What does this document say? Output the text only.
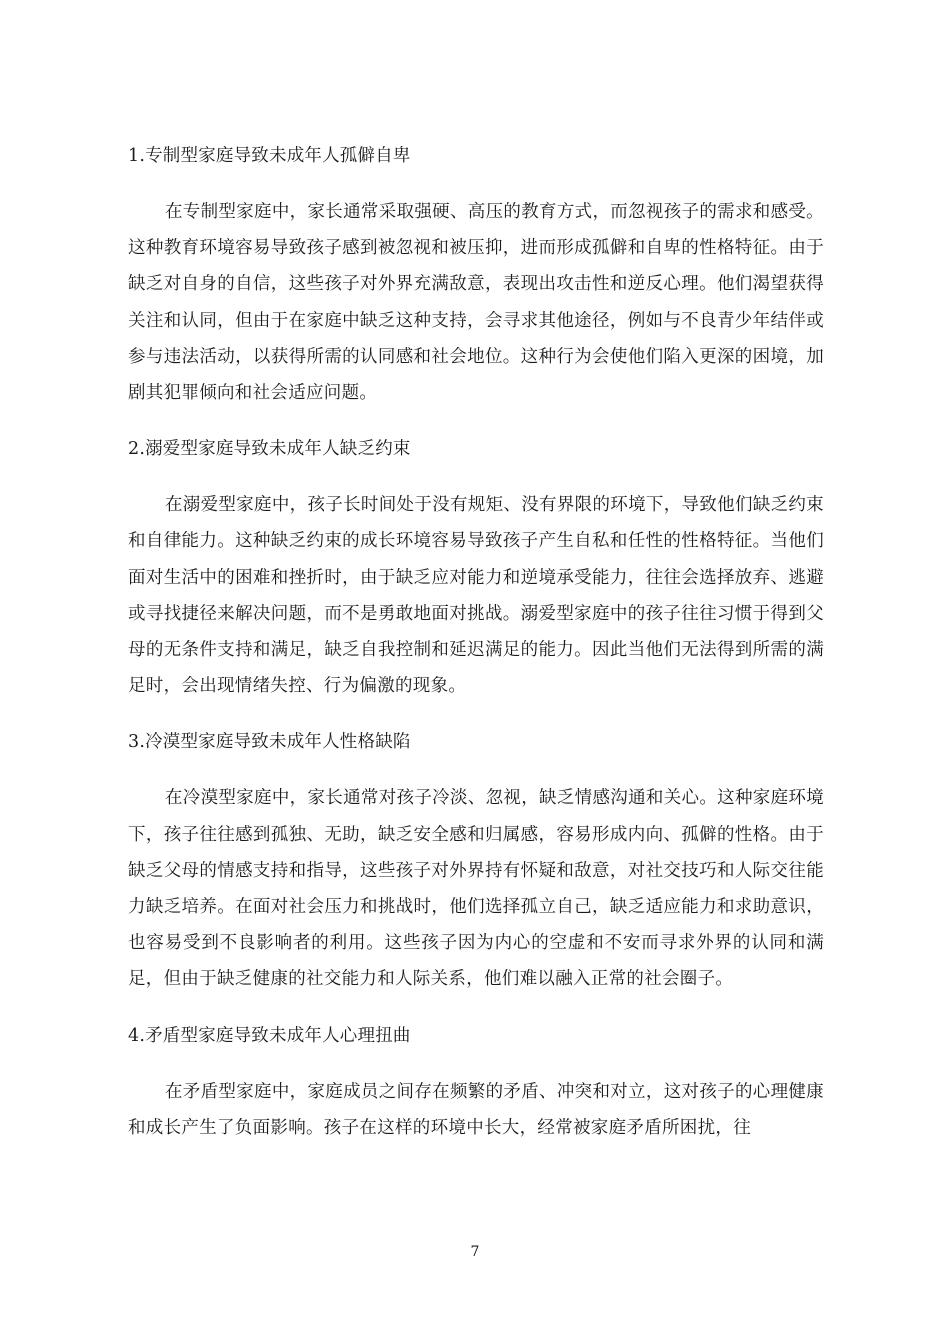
1.专制型家庭导致未成年人孤僻自卑
在专制型家庭中，家长通常采取强硬、高压的教育方式，而忽视孩子的需求和感受。这种教育环境容易导致孩子感到被忽视和被压抑，进而形成孤僻和自卑的性格特征。由于缺乏对自身的自信，这些孩子对外界充满敌意，表现出攻击性和逆反心理。他们渴望获得关注和认同，但由于在家庭中缺乏这种支持，会寻求其他途径，例如与不良青少年结伴或参与违法活动，以获得所需的认同感和社会地位。这种行为会使他们陷入更深的困境，加剧其犯罪倾向和社会适应问题。
2.溺爱型家庭导致未成年人缺乏约束
在溺爱型家庭中，孩子长时间处于没有规矩、没有界限的环境下，导致他们缺乏约束和自律能力。这种缺乏约束的成长环境容易导致孩子产生自私和任性的性格特征。当他们面对生活中的困难和挫折时，由于缺乏应对能力和逆境承受能力，往往会选择放弃、逃避或寻找捷径来解决问题，而不是勇敢地面对挑战。溺爱型家庭中的孩子往往习惯于得到父母的无条件支持和满足，缺乏自我控制和延迟满足的能力。因此当他们无法得到所需的满足时，会出现情绪失控、行为偏激的现象。
3.冷漠型家庭导致未成年人性格缺陷
在冷漠型家庭中，家长通常对孩子冷淡、忽视，缺乏情感沟通和关心。这种家庭环境下，孩子往往感到孤独、无助，缺乏安全感和归属感，容易形成内向、孤僻的性格。由于缺乏父母的情感支持和指导，这些孩子对外界持有怀疑和敌意，对社交技巧和人际交往能力缺乏培养。在面对社会压力和挑战时，他们选择孤立自己，缺乏适应能力和求助意识，也容易受到不良影响者的利用。这些孩子因为内心的空虚和不安而寻求外界的认同和满足，但由于缺乏健康的社交能力和人际关系，他们难以融入正常的社会圈子。
4.矛盾型家庭导致未成年人心理扭曲
在矛盾型家庭中，家庭成员之间存在频繁的矛盾、冲突和对立，这对孩子的心理健康和成长产生了负面影响。孩子在这样的环境中长大，经常被家庭矛盾所困扰，往
7
